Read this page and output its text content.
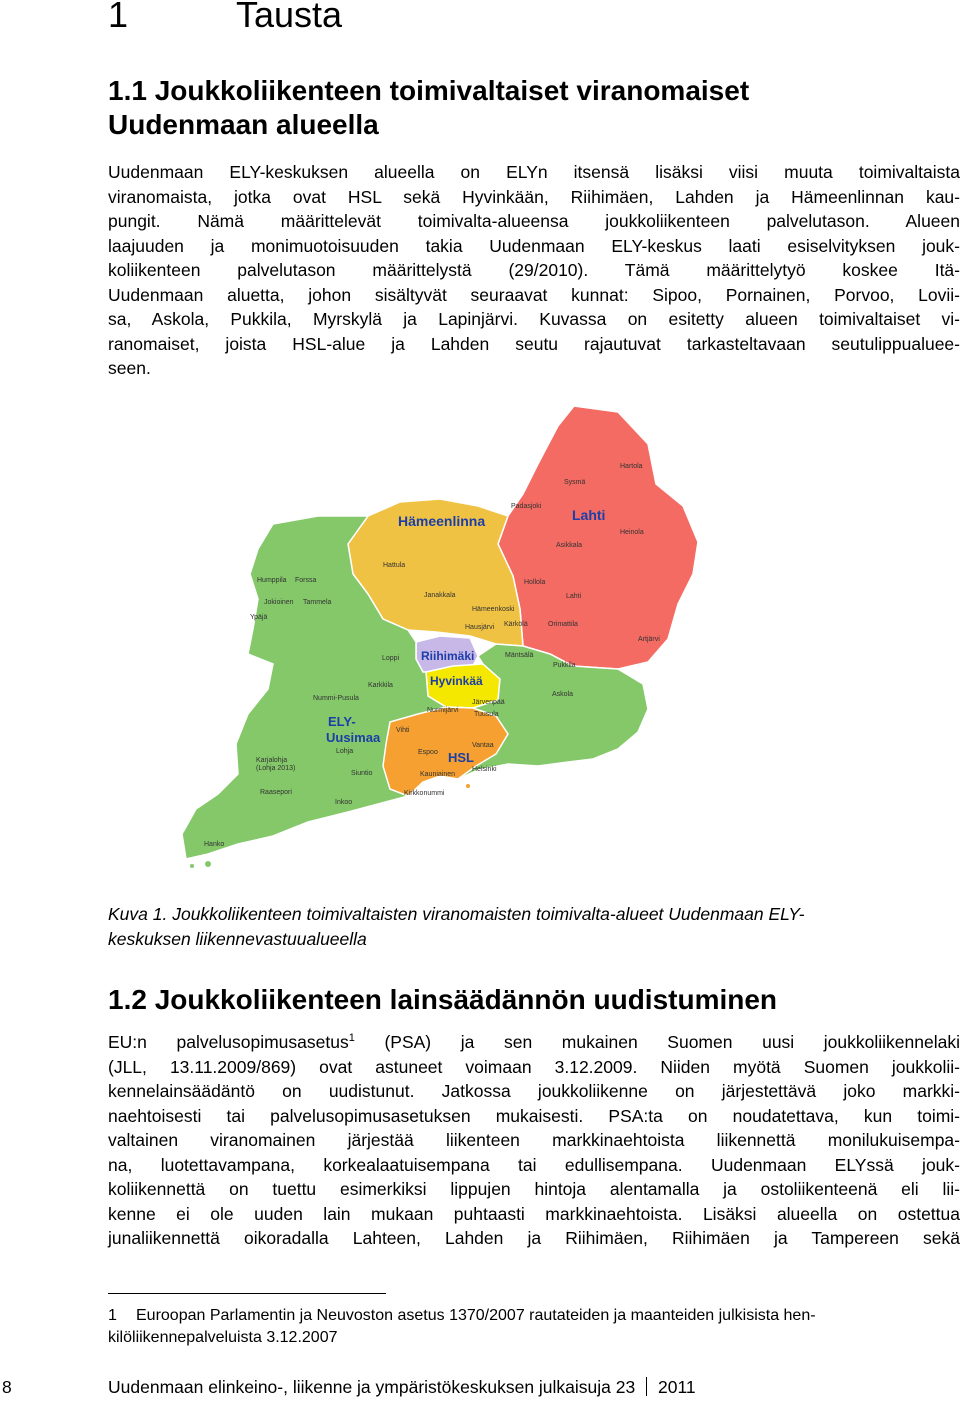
1	Tausta
1.1 Joukkoliikenteen toimivaltaiset viranomaiset
Uudenmaan alueella
Uudenmaan ELY-keskuksen alueella on ELYn itsensä lisäksi viisi muuta toimivaltaista
viranomaista, jotka ovat HSL sekä Hyvinkään, Riihimäen, Lahden ja Hämeenlinnan kau-
pungit. Nämä määrittelevät toimivalta-alueensa joukkoliikenteen palvelutason. Alueen
laajuuden ja monimuotoisuuden takia Uudenmaan ELY-keskus laati esiselvityksen jouk-
koliikenteen palvelutason määrittelystä (29/2010). Tämä määrittelytyö koskee Itä-
Uudenmaan aluetta, johon sisältyvät seuraavat kunnat: Sipoo, Pornainen, Porvoo, Lovii-
sa, Askola, Pukkila, Myrskylä ja Lapinjärvi. Kuvassa on esitetty alueen toimivaltaiset vi-
ranomaiset, joista HSL-alue ja Lahden seutu rajautuvat tarkasteltavaan seutulippualuee-
seen.
Hämeenlinna	Lahti
Riihimäki
Hyvinkää
ELY-
Uusimaa
HSL
Hartola
Sysmä
Padasjoki
Heinola
Asikkala
Hattula
Hollola
Lahti
Humppila Forssa
Janakkala
Hämeenkoski
Jokioinen Tammela
Kärkölä	Orimattila
Ypäjä
Hausjärvi
Artjärvi
Loppi	Mäntsälä
Pukkila
Karkkila
Askola
Nummi-Pusula
Järvenpää
Tuusula
Nurmijärvi
Lohja
Karjalohja
(Lohja 2013)
Espoo
Vantaa
Helsinki
Vihti
Siuntio	Kauniainen
Raasepori
Inkoo
Kirkkonummi
Hanko
Kuva 1. Joukkoliikenteen toimivaltaisten viranomaisten toimivalta-alueet Uudenmaan ELY-
keskuksen liikennevastuualueella
1.2 Joukkoliikenteen lainsäädännön uudistuminen
EU:n palvelusopimusasetus$^1$ (PSA) ja sen mukainen Suomen uusi joukkoliikennelaki
(JLL, 13.11.2009/869) ovat astuneet voimaan 3.12.2009. Niiden myötä Suomen joukkolii-
kennelainsäädäntö on uudistunut. Jatkossa joukkoliikenne on järjestettävä joko markki-
naehtoisesti tai palvelusopimusasetuksen mukaisesti. PSA:ta on noudatettava, kun toimi-
valtainen viranomainen järjestää liikenteen markkinaehtoista liikennettä monilukuisempa-
na, luotettavampana, korkealaatuisempana tai edullisempana. Uudenmaan ELYssä jouk-
koliikennettä on tuettu esimerkiksi lippujen hintoja alentamalla ja ostoliikenteenä eli lii-
kenne ei ole uuden lain mukaan puhtaasti markkinaehtoista. Lisäksi alueella on ostettua
junaliikennettä oikoradalla Lahteen, Lahden ja Riihimäen, Riihimäen ja Tampereen sekä
1	Euroopan Parlamentin ja Neuvoston asetus 1370/2007 rautateiden ja maanteiden julkisista hen-
kilöliikennepalveluista 3.12.2007
8	Uudenmaan elinkeino-, liikenne ja ympäristökeskuksen julkaisuja 23 2011
